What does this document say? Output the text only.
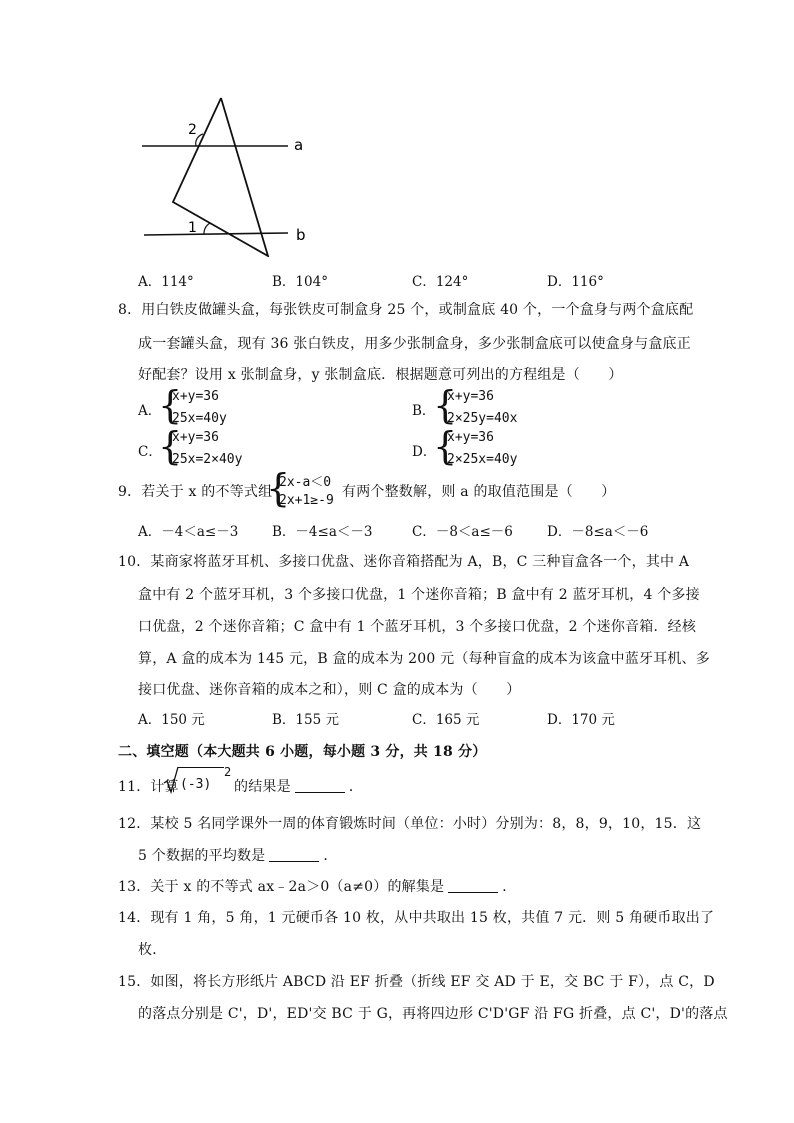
2
1
a
b
A．114°	B．104°	C．124°	D．116°
8．用白铁皮做罐头盒，每张铁皮可制盒身 25 个，或制盒底 40 个，一个盒身与两个盒底配
成一套罐头盒，现有 36 张白铁皮，用多少张制盒身，多少张制盒底可以使盒身与盒底正
好配套？设用 x 张制盒身，y 张制盒底．根据题意可列出的方程组是（　　）
A．
{
x+y=36
25x=40y	B．
{
x+y=36
2×25y=40x
C．
{
x+y=36
25x=2×40y	D．
{
x+y=36
2×25x=40y
9．若关于 x 的不等式组
{
2x-a＜0
2x+1≥-9
有两个整数解，则 a 的取值范围是（　　）
A．－4＜a≤－3 B．－4≤a＜－3	C．－8＜a≤－6	D．－8≤a＜－6
10．某商家将蓝牙耳机、多接口优盘、迷你音箱搭配为 A，B，C 三种盲盒各一个，其中 A
盒中有 2 个蓝牙耳机，3 个多接口优盘，1 个迷你音箱；B 盒中有 2 蓝牙耳机，4 个多接
口优盘，2 个迷你音箱；C 盒中有 1 个蓝牙耳机，3 个多接口优盘，2 个迷你音箱．经核
算，A 盒的成本为 145 元，B 盒的成本为 200 元（每种盲盒的成本为该盒中蓝牙耳机、多
接口优盘、迷你音箱的成本之和），则 C 盒的成本为（　　）
A．150 元	B．155 元	C．165 元	D．170 元
二、填空题（本大题共 6 小题，每小题 3 分，共 18 分）
11．计算 (-3)
2
的结果是	．
12．某校 5 名同学课外一周的体育锻炼时间（单位：小时）分别为：8，8，9，10，15．这
5 个数据的平均数是	．
13．关于 x 的不等式 ax﹣2a＞0（a≠0）的解集是	．
14．现有 1 角，5 角，1 元硬币各 10 枚，从中共取出 15 枚，共值 7 元．则 5 角硬币取出了
枚．
15．如图，将长方形纸片 ABCD 沿 EF 折叠（折线 EF 交 AD 于 E，交 BC 于 F），点 C，D
的落点分别是 C'，D'，ED'交 BC 于 G，再将四边形 C'D'GF 沿 FG 折叠，点 C'，D'的落点
